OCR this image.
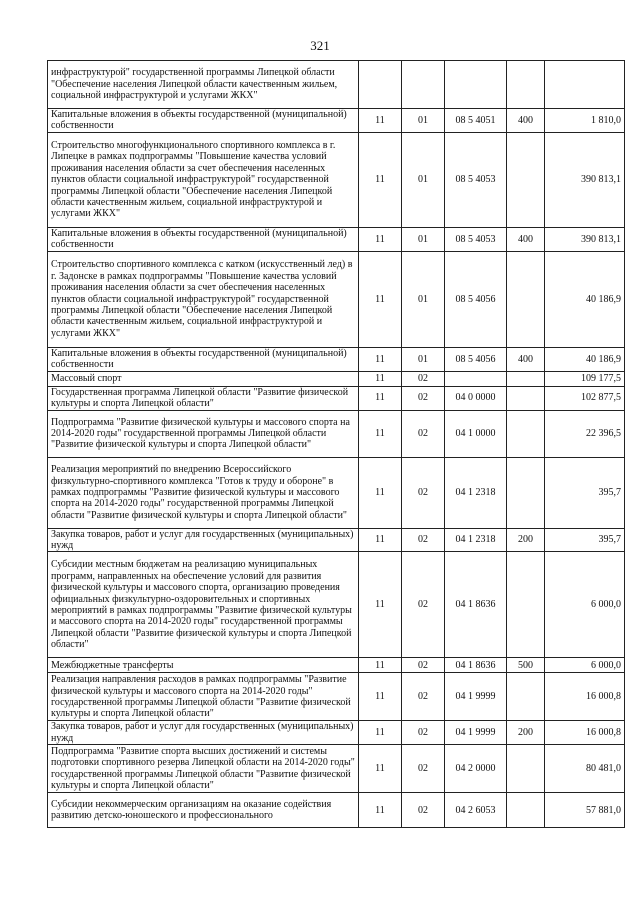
321
инфраструктурой" государственной программы Липецкой области "Обеспечение населения Липецкой области качественным жильем, социальной инфраструктурой и услугами ЖКХ"					
Капитальные вложения в объекты государственной (муниципальной) собственности	11	01	08 5 4051	400	1 810,0
Строительство многофункционального спортивного комплекса в г. Липецке в рамках подпрограммы "Повышение качества условий проживания населения области за счет обеспечения населенных пунктов области социальной инфраструктурой" государственной программы Липецкой области "Обеспечение населения Липецкой области качественным жильем, социальной инфраструктурой и услугами ЖКХ"	11	01	08 5 4053		390 813,1
Капитальные вложения в объекты государственной (муниципальной) собственности	11	01	08 5 4053	400	390 813,1
Строительство спортивного комплекса с катком (искусственный лед) в г. Задонске в рамках подпрограммы "Повышение качества условий проживания населения области за счет обеспечения населенных пунктов области социальной инфраструктурой" государственной программы Липецкой области "Обеспечение населения Липецкой области качественным жильем, социальной инфраструктурой и услугами ЖКХ"	11	01	08 5 4056		40 186,9
Капитальные вложения в объекты государственной (муниципальной) собственности	11	01	08 5 4056	400	40 186,9
Массовый спорт	11	02			109 177,5
Государственная программа Липецкой области "Развитие физической культуры и спорта Липецкой области"	11	02	04 0 0000		102 877,5
Подпрограмма "Развитие физической культуры и массового спорта на 2014-2020 годы" государственной программы Липецкой области "Развитие физической культуры и спорта Липецкой области"	11	02	04 1 0000		22 396,5
Реализация мероприятий по внедрению Всероссийского физкультурно-спортивного комплекса "Готов к труду и обороне" в рамках подпрограммы "Развитие физической культуры и массового спорта на 2014-2020 годы" государственной программы Липецкой области "Развитие физической культуры и спорта Липецкой области"	11	02	04 1 2318		395,7
Закупка товаров, работ и услуг для государственных (муниципальных) нужд	11	02	04 1 2318	200	395,7
Субсидии местным бюджетам на реализацию муниципальных программ, направленных на обеспечение условий для развития физической культуры и массового спорта, организацию проведения официальных физкультурно-оздоровительных и спортивных мероприятий в рамках подпрограммы "Развитие физической культуры и массового спорта на 2014-2020 годы" государственной программы Липецкой области "Развитие физической культуры и спорта Липецкой области"	11	02	04 1 8636		6 000,0
Межбюджетные трансферты	11	02	04 1 8636	500	6 000,0
Реализация направления расходов в рамках подпрограммы "Развитие физической культуры и массового спорта на 2014-2020 годы" государственной программы Липецкой области "Развитие физической культуры и спорта Липецкой области"	11	02	04 1 9999		16 000,8
Закупка товаров, работ и услуг для государственных (муниципальных) нужд	11	02	04 1 9999	200	16 000,8
Подпрограмма "Развитие спорта высших достижений и системы подготовки спортивного резерва Липецкой области на 2014-2020 годы" государственной программы Липецкой области "Развитие физической культуры и спорта Липецкой области"	11	02	04 2 0000		80 481,0
Субсидии некоммерческим организациям на оказание содействия развитию детско-юношеского и профессионального	11	02	04 2 6053		57 881,0
